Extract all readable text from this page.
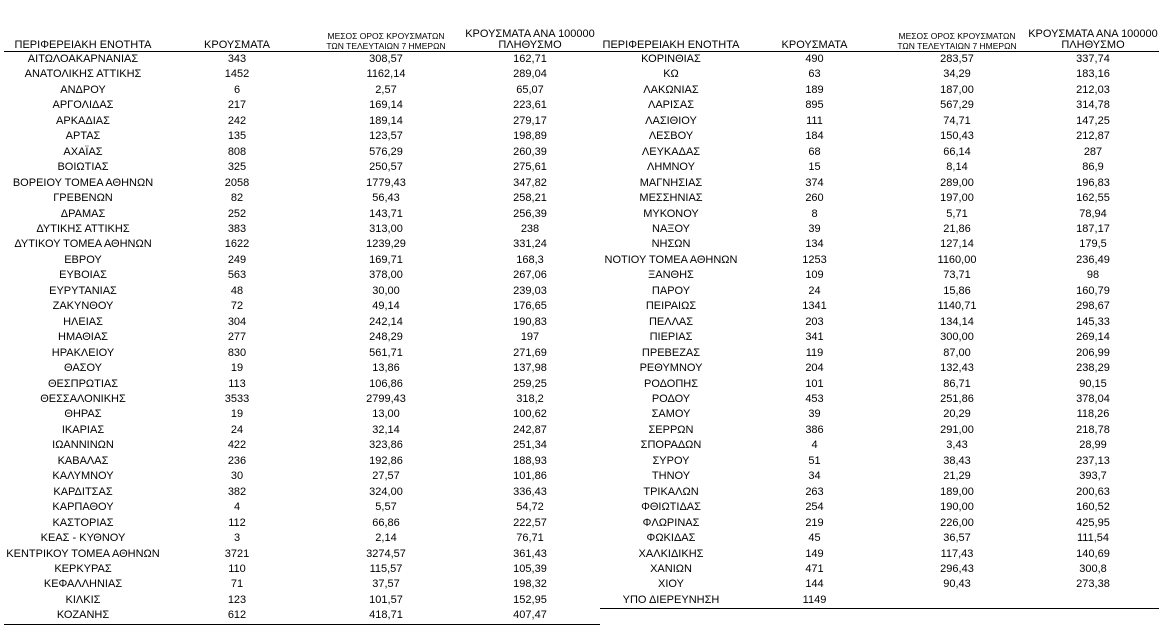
ΠΕΡΙΦΕΡΕΙΑΚΗ ΕΝΟΤΗΤΑ	ΚΡΟΥΣΜΑΤΑ	ΜΕΣΟΣ ΟΡΟΣ ΚΡΟΥΣΜΑΤΩΝ
ΤΩΝ ΤΕΛΕΥΤΑΙΩΝ 7 ΗΜΕΡΩΝ	ΚΡΟΥΣΜΑΤΑ ΑΝΑ 100000
ΠΛΗΘΥΣΜΟ
ΑΙΤΩΛΟΑΚΑΡΝΑΝΙΑΣ	343	308,57	162,71
ΑΝΑΤΟΛΙΚΗΣ ΑΤΤΙΚΗΣ	1452	1162,14	289,04
ΑΝΔΡΟΥ	6	2,57	65,07
ΑΡΓΟΛΙΔΑΣ	217	169,14	223,61
ΑΡΚΑΔΙΑΣ	242	189,14	279,17
ΑΡΤΑΣ	135	123,57	198,89
ΑΧΑΪΑΣ	808	576,29	260,39
ΒΟΙΩΤΙΑΣ	325	250,57	275,61
ΒΟΡΕΙΟΥ ΤΟΜΕΑ ΑΘΗΝΩΝ	2058	1779,43	347,82
ΓΡΕΒΕΝΩΝ	82	56,43	258,21
ΔΡΑΜΑΣ	252	143,71	256,39
ΔΥΤΙΚΗΣ ΑΤΤΙΚΗΣ	383	313,00	238
ΔΥΤΙΚΟΥ ΤΟΜΕΑ ΑΘΗΝΩΝ	1622	1239,29	331,24
ΕΒΡΟΥ	249	169,71	168,3
ΕΥΒΟΙΑΣ	563	378,00	267,06
ΕΥΡΥΤΑΝΙΑΣ	48	30,00	239,03
ΖΑΚΥΝΘΟΥ	72	49,14	176,65
ΗΛΕΙΑΣ	304	242,14	190,83
ΗΜΑΘΙΑΣ	277	248,29	197
ΗΡΑΚΛΕΙΟΥ	830	561,71	271,69
ΘΑΣΟΥ	19	13,86	137,98
ΘΕΣΠΡΩΤΙΑΣ	113	106,86	259,25
ΘΕΣΣΑΛΟΝΙΚΗΣ	3533	2799,43	318,2
ΘΗΡΑΣ	19	13,00	100,62
ΙΚΑΡΙΑΣ	24	32,14	242,87
ΙΩΑΝΝΙΝΩΝ	422	323,86	251,34
ΚΑΒΑΛΑΣ	236	192,86	188,93
ΚΑΛΥΜΝΟΥ	30	27,57	101,86
ΚΑΡΔΙΤΣΑΣ	382	324,00	336,43
ΚΑΡΠΑΘΟΥ	4	5,57	54,72
ΚΑΣΤΟΡΙΑΣ	112	66,86	222,57
ΚΕΑΣ - ΚΥΘΝΟΥ	3	2,14	76,71
ΚΕΝΤΡΙΚΟΥ ΤΟΜΕΑ ΑΘΗΝΩΝ	3721	3274,57	361,43
ΚΕΡΚΥΡΑΣ	110	115,57	105,39
ΚΕΦΑΛΛΗΝΙΑΣ	71	37,57	198,32
ΚΙΛΚΙΣ	123	101,57	152,95
ΚΟΖΑΝΗΣ	612	418,71	407,47
ΠΕΡΙΦΕΡΕΙΑΚΗ ΕΝΟΤΗΤΑ	ΚΡΟΥΣΜΑΤΑ	ΜΕΣΟΣ ΟΡΟΣ ΚΡΟΥΣΜΑΤΩΝ
ΤΩΝ ΤΕΛΕΥΤΑΙΩΝ 7 ΗΜΕΡΩΝ	ΚΡΟΥΣΜΑΤΑ ΑΝΑ 100000
ΠΛΗΘΥΣΜΟ
ΚΟΡΙΝΘΙΑΣ	490	283,57	337,74
ΚΩ	63	34,29	183,16
ΛΑΚΩΝΙΑΣ	189	187,00	212,03
ΛΑΡΙΣΑΣ	895	567,29	314,78
ΛΑΣΙΘΙΟΥ	111	74,71	147,25
ΛΕΣΒΟΥ	184	150,43	212,87
ΛΕΥΚΑΔΑΣ	68	66,14	287
ΛΗΜΝΟΥ	15	8,14	86,9
ΜΑΓΝΗΣΙΑΣ	374	289,00	196,83
ΜΕΣΣΗΝΙΑΣ	260	197,00	162,55
ΜΥΚΟΝΟΥ	8	5,71	78,94
ΝΑΞΟΥ	39	21,86	187,17
ΝΗΣΩΝ	134	127,14	179,5
ΝΟΤΙΟΥ ΤΟΜΕΑ ΑΘΗΝΩΝ	1253	1160,00	236,49
ΞΑΝΘΗΣ	109	73,71	98
ΠΑΡΟΥ	24	15,86	160,79
ΠΕΙΡΑΙΩΣ	1341	1140,71	298,67
ΠΕΛΛΑΣ	203	134,14	145,33
ΠΙΕΡΙΑΣ	341	300,00	269,14
ΠΡΕΒΕΖΑΣ	119	87,00	206,99
ΡΕΘΥΜΝΟΥ	204	132,43	238,29
ΡΟΔΟΠΗΣ	101	86,71	90,15
ΡΟΔΟΥ	453	251,86	378,04
ΣΑΜΟΥ	39	20,29	118,26
ΣΕΡΡΩΝ	386	291,00	218,78
ΣΠΟΡΑΔΩΝ	4	3,43	28,99
ΣΥΡΟΥ	51	38,43	237,13
ΤΗΝΟΥ	34	21,29	393,7
ΤΡΙΚΑΛΩΝ	263	189,00	200,63
ΦΘΙΩΤΙΔΑΣ	254	190,00	160,52
ΦΛΩΡΙΝΑΣ	219	226,00	425,95
ΦΩΚΙΔΑΣ	45	36,57	111,54
ΧΑΛΚΙΔΙΚΗΣ	149	117,43	140,69
ΧΑΝΙΩΝ	471	296,43	300,8
ΧΙΟΥ	144	90,43	273,38
ΥΠΟ ΔΙΕΡΕΥΝΗΣΗ	1149		
